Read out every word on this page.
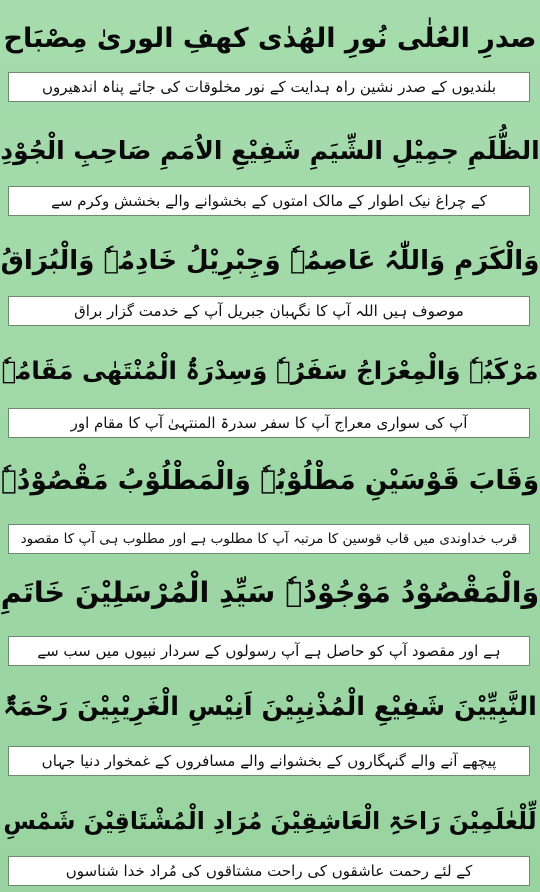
صدرِ العُلٰی نُورِ الھُدٰی کھفِ الوریٰ مِصْبَاح
بلندیوں کے صدر نشین راہ ہدایت کے نور مخلوقات کی جائے پناہ اندھیروں
الظُّلَمِ جمِیْلِ الشِّیَمِ شَفِیْعِ الاُمَمِ صَاحِبِ الْجُوْدِ
کے چراغ نیک اطوار کے مالک امتوں کے بخشوانے والے بخشش وکرم سے
وَالْکَرَمِ وَاللّٰہُ عَاصِمُہٗ وَجِبْرِیْلُ خَادِمُہٗ وَالْبُرَاقُ
موصوف ہیں اللہ آپ کا نگہبان جبریل آپ کے خدمت گزار براق
مَرْکَبُہٗ وَالْمِعْرَاجُ سَفَرُہٗ وَسِدْرَۃُ الْمُنْتَھٰی مَقَامُہٗ
آپ کی سواری معراج آپ کا سفر سدرۃ المنتہیٰ آپ کا مقام اور
وَقَابَ قَوْسَیْنِ مَطْلُوْبُہٗ وَالْمَطْلُوْبُ مَقْصُوْدُہٗ
قرب خداوندی میں قاب قوسین کا مرتبہ آپ کا مطلوب ہے اور مطلوب ہی آپ کا مقصود
وَالْمَقْصُوْدُ مَوْجُوْدُہٗ سَیِّدِ الْمُرْسَلِیْنَ خَاتَمِ
ہے اور مقصود آپ کو حاصل ہے آپ رسولوں کے سردار نبیوں میں سب سے
النَّبِیِّیْنَ شَفِیْعِ الْمُذْنِبِیْنَ اَنِیْسِ الْغَرِیْبِیْنَ رَحْمَۃٌ
پیچھے آنے والے گنہگاروں کے بخشوانے والے مسافروں کے غمخوار دنیا جہاں
لِّلْعٰلَمِیْنَ رَاحَۃِ الْعَاشِقِیْنَ مُرَادِ الْمُشْتَاقِیْنَ شَمْسِ
کے لئے رحمت عاشقوں کی راحت مشتاقوں کی مُراد خدا شناسوں
